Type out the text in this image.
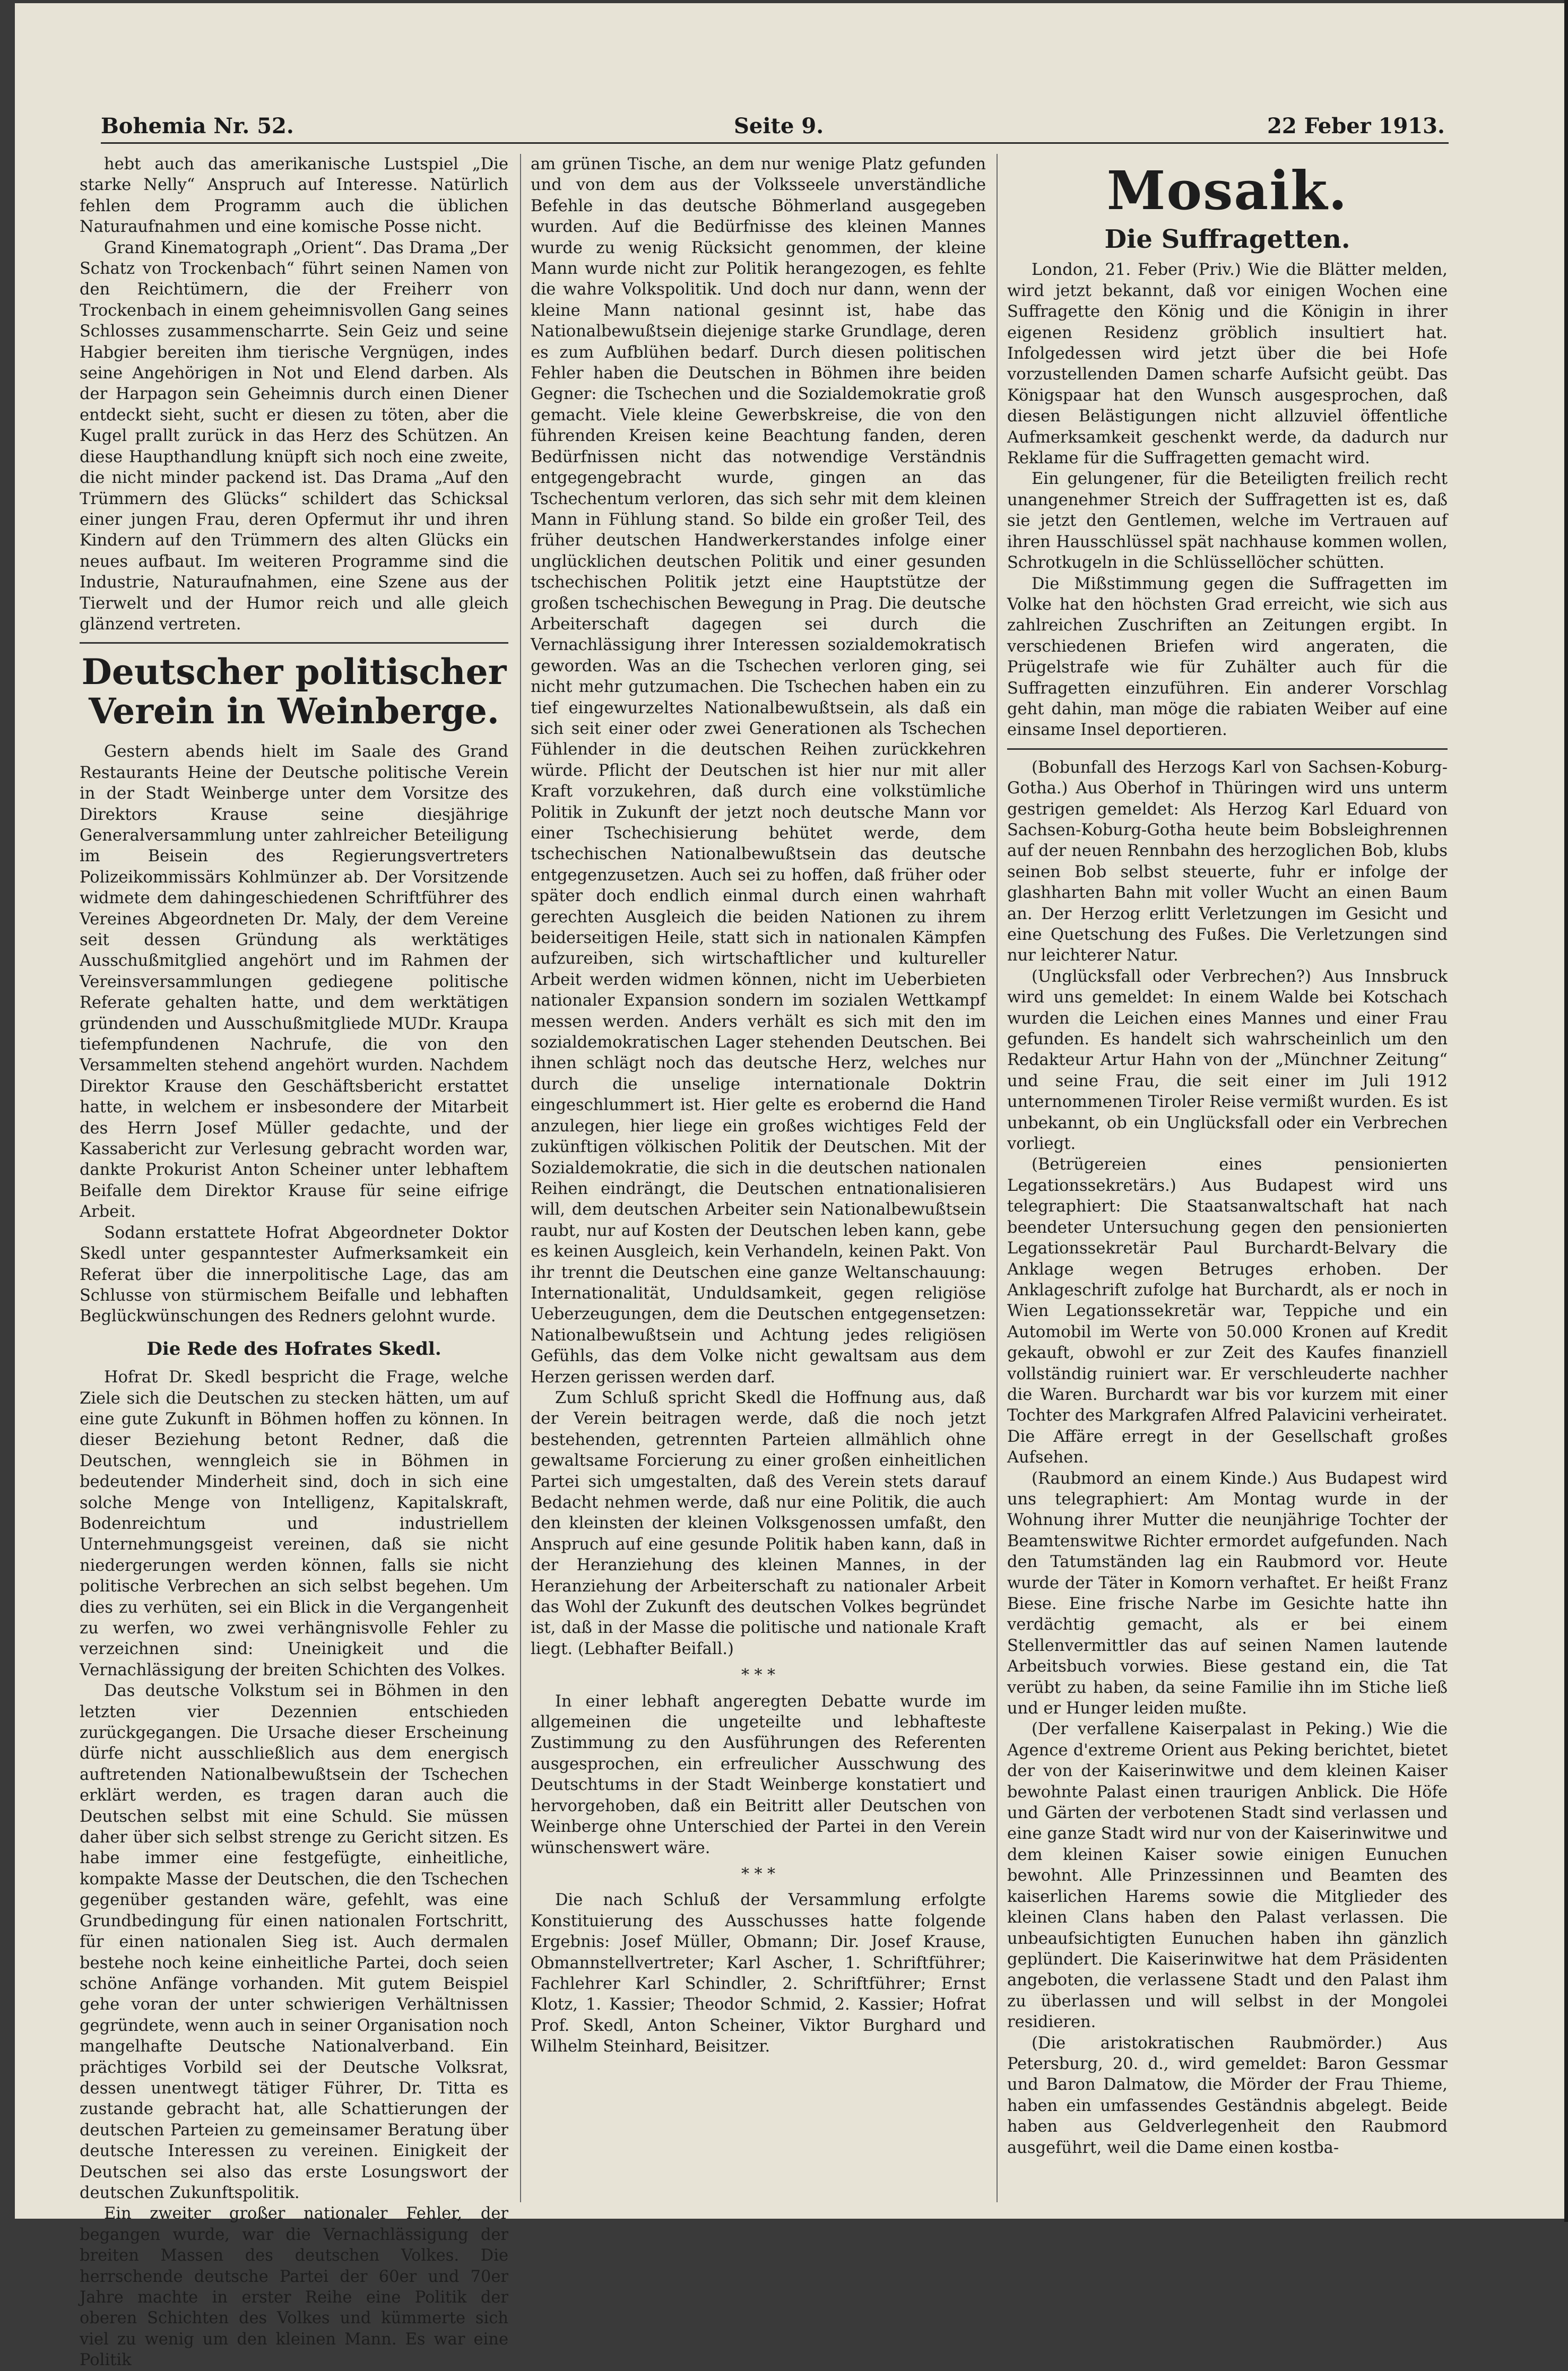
Bohemia Nr. 52.	Seite 9.	22 Feber 1913.

hebt auch das amerikanische Lustspiel „Die starke Nelly“ Anspruch auf Interesse. Natürlich fehlen dem Programm auch die üblichen Naturaufnahmen und eine komische Posse nicht.

Grand Kinematograph „Orient“. Das Drama „Der Schatz von Trockenbach“ führt seinen Namen von den Reichtümern, die der Freiherr von Trockenbach in einem geheimnisvollen Gang seines Schlosses zusammenscharrte. Sein Geiz und seine Habgier bereiten ihm tierische Vergnügen, indes seine Angehörigen in Not und Elend darben. Als der Harpagon sein Geheimnis durch einen Diener entdeckt sieht, sucht er diesen zu töten, aber die Kugel prallt zurück in das Herz des Schützen. An diese Haupthandlung knüpft sich noch eine zweite, die nicht minder packend ist. Das Drama „Auf den Trümmern des Glücks“ schildert das Schicksal einer jungen Frau, deren Opfermut ihr und ihren Kindern auf den Trümmern des alten Glücks ein neues aufbaut. Im weiteren Programme sind die Industrie, Naturaufnahmen, eine Szene aus der Tierwelt und der Humor reich und alle gleich glänzend vertreten.

Deutscher politischer Verein in Weinberge.

Gestern abends hielt im Saale des Grand Restaurants Heine der Deutsche politische Verein in der Stadt Weinberge unter dem Vorsitze des Direktors Krause seine diesjährige Generalversammlung unter zahlreicher Beteiligung im Beisein des Regierungsvertreters Polizeikommissärs Kohlmünzer ab. Der Vorsitzende widmete dem dahingeschiedenen Schriftführer des Vereines Abgeordneten Dr. Maly, der dem Vereine seit dessen Gründung als werktätiges Ausschußmitglied angehört und im Rahmen der Vereinsversammlungen gediegene politische Referate gehalten hatte, und dem werktätigen gründenden und Ausschußmitgliede MUDr. Kraupa tiefempfundenen Nachrufe, die von den Versammelten stehend angehört wurden. Nachdem Direktor Krause den Geschäftsbericht erstattet hatte, in welchem er insbesondere der Mitarbeit des Herrn Josef Müller gedachte, und der Kassabericht zur Verlesung gebracht worden war, dankte Prokurist Anton Scheiner unter lebhaftem Beifalle dem Direktor Krause für seine eifrige Arbeit.

Sodann erstattete Hofrat Abgeordneter Doktor Skedl unter gespanntester Aufmerksamkeit ein Referat über die innerpolitische Lage, das am Schlusse von stürmischem Beifalle und lebhaften Beglückwünschungen des Redners gelohnt wurde.

Die Rede des Hofrates Skedl.

Hofrat Dr. Skedl bespricht die Frage, welche Ziele sich die Deutschen zu stecken hätten, um auf eine gute Zukunft in Böhmen hoffen zu können. In dieser Beziehung betont Redner, daß die Deutschen, wenngleich sie in Böhmen in bedeutender Minderheit sind, doch in sich eine solche Menge von Intelligenz, Kapitalskraft, Bodenreichtum und industriellem Unternehmungsgeist vereinen, daß sie nicht niedergerungen werden können, falls sie nicht politische Verbrechen an sich selbst begehen. Um dies zu verhüten, sei ein Blick in die Vergangenheit zu werfen, wo zwei verhängnisvolle Fehler zu verzeichnen sind: Uneinigkeit und die Vernachlässigung der breiten Schichten des Volkes.

Das deutsche Volkstum sei in Böhmen in den letzten vier Dezennien entschieden zurückgegangen. Die Ursache dieser Erscheinung dürfe nicht ausschließlich aus dem energisch auftretenden Nationalbewußtsein der Tschechen erklärt werden, es tragen daran auch die Deutschen selbst mit eine Schuld. Sie müssen daher über sich selbst strenge zu Gericht sitzen. Es habe immer eine festgefügte, einheitliche, kompakte Masse der Deutschen, die den Tschechen gegenüber gestanden wäre, gefehlt, was eine Grundbedingung für einen nationalen Fortschritt, für einen nationalen Sieg ist. Auch dermalen bestehe noch keine einheitliche Partei, doch seien schöne Anfänge vorhanden. Mit gutem Beispiel gehe voran der unter schwierigen Verhältnissen gegründete, wenn auch in seiner Organisation noch mangelhafte Deutsche Nationalverband. Ein prächtiges Vorbild sei der Deutsche Volksrat, dessen unentwegt tätiger Führer, Dr. Titta es zustande gebracht hat, alle Schattierungen der deutschen Parteien zu gemeinsamer Beratung über deutsche Interessen zu vereinen. Einigkeit der Deutschen sei also das erste Losungswort der deutschen Zukunftspolitik.

Ein zweiter großer nationaler Fehler, der begangen wurde, war die Vernachlässigung der breiten Massen des deutschen Volkes. Die herrschende deutsche Partei der 60er und 70er Jahre machte in erster Reihe eine Politik der oberen Schichten des Volkes und kümmerte sich viel zu wenig um den kleinen Mann. Es war eine Politik

am grünen Tische, an dem nur wenige Platz gefunden und von dem aus der Volksseele unverständliche Befehle in das deutsche Böhmerland ausgegeben wurden. Auf die Bedürfnisse des kleinen Mannes wurde zu wenig Rücksicht genommen, der kleine Mann wurde nicht zur Politik herangezogen, es fehlte die wahre Volkspolitik. Und doch nur dann, wenn der kleine Mann national gesinnt ist, habe das Nationalbewußtsein diejenige starke Grundlage, deren es zum Aufblühen bedarf. Durch diesen politischen Fehler haben die Deutschen in Böhmen ihre beiden Gegner: die Tschechen und die Sozialdemokratie groß gemacht. Viele kleine Gewerbskreise, die von den führenden Kreisen keine Beachtung fanden, deren Bedürfnissen nicht das notwendige Verständnis entgegengebracht wurde, gingen an das Tschechentum verloren, das sich sehr mit dem kleinen Mann in Fühlung stand. So bilde ein großer Teil, des früher deutschen Handwerkerstandes infolge einer unglücklichen deutschen Politik und einer gesunden tschechischen Politik jetzt eine Hauptstütze der großen tschechischen Bewegung in Prag. Die deutsche Arbeiterschaft dagegen sei durch die Vernachlässigung ihrer Interessen sozialdemokratisch geworden. Was an die Tschechen verloren ging, sei nicht mehr gutzumachen. Die Tschechen haben ein zu tief eingewurzeltes Nationalbewußtsein, als daß ein sich seit einer oder zwei Generationen als Tschechen Fühlender in die deutschen Reihen zurückkehren würde. Pflicht der Deutschen ist hier nur mit aller Kraft vorzukehren, daß durch eine volkstümliche Politik in Zukunft der jetzt noch deutsche Mann vor einer Tschechisierung behütet werde, dem tschechischen Nationalbewußtsein das deutsche entgegenzusetzen. Auch sei zu hoffen, daß früher oder später doch endlich einmal durch einen wahrhaft gerechten Ausgleich die beiden Nationen zu ihrem beiderseitigen Heile, statt sich in nationalen Kämpfen aufzureiben, sich wirtschaftlicher und kultureller Arbeit werden widmen können, nicht im Ueberbieten nationaler Expansion sondern im sozialen Wettkampf messen werden. Anders verhält es sich mit den im sozialdemokratischen Lager stehenden Deutschen. Bei ihnen schlägt noch das deutsche Herz, welches nur durch die unselige internationale Doktrin eingeschlummert ist. Hier gelte es erobernd die Hand anzulegen, hier liege ein großes wichtiges Feld der zukünftigen völkischen Politik der Deutschen. Mit der Sozialdemokratie, die sich in die deutschen nationalen Reihen eindrängt, die Deutschen entnationalisieren will, dem deutschen Arbeiter sein Nationalbewußtsein raubt, nur auf Kosten der Deutschen leben kann, gebe es keinen Ausgleich, kein Verhandeln, keinen Pakt. Von ihr trennt die Deutschen eine ganze Weltanschauung: Internationalität, Unduldsamkeit, gegen religiöse Ueberzeugungen, dem die Deutschen entgegensetzen: Nationalbewußtsein und Achtung jedes religiösen Gefühls, das dem Volke nicht gewaltsam aus dem Herzen gerissen werden darf.

Zum Schluß spricht Skedl die Hoffnung aus, daß der Verein beitragen werde, daß die noch jetzt bestehenden, getrennten Parteien allmählich ohne gewaltsame Forcierung zu einer großen einheitlichen Partei sich umgestalten, daß des Verein stets darauf Bedacht nehmen werde, daß nur eine Politik, die auch den kleinsten der kleinen Volksgenossen umfaßt, den Anspruch auf eine gesunde Politik haben kann, daß in der Heranziehung des kleinen Mannes, in der Heranziehung der Arbeiterschaft zu nationaler Arbeit das Wohl der Zukunft des deutschen Volkes begründet ist, daß in der Masse die politische und nationale Kraft liegt. (Lebhafter Beifall.)

* * *

In einer lebhaft angeregten Debatte wurde im allgemeinen die ungeteilte und lebhafteste Zustimmung zu den Ausführungen des Referenten ausgesprochen, ein erfreulicher Ausschwung des Deutschtums in der Stadt Weinberge konstatiert und hervorgehoben, daß ein Beitritt aller Deutschen von Weinberge ohne Unterschied der Partei in den Verein wünschenswert wäre.

* * *

Die nach Schluß der Versammlung erfolgte Konstituierung des Ausschusses hatte folgende Ergebnis: Josef Müller, Obmann; Dir. Josef Krause, Obmannstellvertreter; Karl Ascher, 1. Schriftführer; Fachlehrer Karl Schindler, 2. Schriftführer; Ernst Klotz, 1. Kassier; Theodor Schmid, 2. Kassier; Hofrat Prof. Skedl, Anton Scheiner, Viktor Burghard und Wilhelm Steinhard, Beisitzer.

Mosaik.
Die Suffragetten.

London, 21. Feber (Priv.) Wie die Blätter melden, wird jetzt bekannt, daß vor einigen Wochen eine Suffragette den König und die Königin in ihrer eigenen Residenz gröblich insultiert hat. Infolgedessen wird jetzt über die bei Hofe vorzustellenden Damen scharfe Aufsicht geübt. Das Königspaar hat den Wunsch ausgesprochen, daß diesen Belästigungen nicht allzuviel öffentliche Aufmerksamkeit geschenkt werde, da dadurch nur Reklame für die Suffragetten gemacht wird.

Ein gelungener, für die Beteiligten freilich recht unangenehmer Streich der Suffragetten ist es, daß sie jetzt den Gentlemen, welche im Vertrauen auf ihren Hausschlüssel spät nachhause kommen wollen, Schrotkugeln in die Schlüssellöcher schütten.

Die Mißstimmung gegen die Suffragetten im Volke hat den höchsten Grad erreicht, wie sich aus zahlreichen Zuschriften an Zeitungen ergibt. In verschiedenen Briefen wird angeraten, die Prügelstrafe wie für Zuhälter auch für die Suffragetten einzuführen. Ein anderer Vorschlag geht dahin, man möge die rabiaten Weiber auf eine einsame Insel deportieren.

(Bobunfall des Herzogs Karl von Sachsen-Koburg-Gotha.) Aus Oberhof in Thüringen wird uns unterm gestrigen gemeldet: Als Herzog Karl Eduard von Sachsen-Koburg-Gotha heute beim Bobsleighrennen auf der neuen Rennbahn des herzoglichen Bob, klubs seinen Bob selbst steuerte, fuhr er infolge der glashharten Bahn mit voller Wucht an einen Baum an. Der Herzog erlitt Verletzungen im Gesicht und eine Quetschung des Fußes. Die Verletzungen sind nur leichterer Natur.

(Unglücksfall oder Verbrechen?) Aus Innsbruck wird uns gemeldet: In einem Walde bei Kotschach wurden die Leichen eines Mannes und einer Frau gefunden. Es handelt sich wahrscheinlich um den Redakteur Artur Hahn von der „Münchner Zeitung“ und seine Frau, die seit einer im Juli 1912 unternommenen Tiroler Reise vermißt wurden. Es ist unbekannt, ob ein Unglücksfall oder ein Verbrechen vorliegt.

(Betrügereien eines pensionierten Legationssekretärs.) Aus Budapest wird uns telegraphiert: Die Staatsanwaltschaft hat nach beendeter Untersuchung gegen den pensionierten Legationssekretär Paul Burchardt-Belvary die Anklage wegen Betruges erhoben. Der Anklageschrift zufolge hat Burchardt, als er noch in Wien Legationssekretär war, Teppiche und ein Automobil im Werte von 50.000 Kronen auf Kredit gekauft, obwohl er zur Zeit des Kaufes finanziell vollständig ruiniert war. Er verschleuderte nachher die Waren. Burchardt war bis vor kurzem mit einer Tochter des Markgrafen Alfred Palavicini verheiratet. Die Affäre erregt in der Gesellschaft großes Aufsehen.

(Raubmord an einem Kinde.) Aus Budapest wird uns telegraphiert: Am Montag wurde in der Wohnung ihrer Mutter die neunjährige Tochter der Beamtenswitwe Richter ermordet aufgefunden. Nach den Tatumständen lag ein Raubmord vor. Heute wurde der Täter in Komorn verhaftet. Er heißt Franz Biese. Eine frische Narbe im Gesichte hatte ihn verdächtig gemacht, als er bei einem Stellenvermittler das auf seinen Namen lautende Arbeitsbuch vorwies. Biese gestand ein, die Tat verübt zu haben, da seine Familie ihn im Stiche ließ und er Hunger leiden mußte.

(Der verfallene Kaiserpalast in Peking.) Wie die Agence d'extreme Orient aus Peking berichtet, bietet der von der Kaiserinwitwe und dem kleinen Kaiser bewohnte Palast einen traurigen Anblick. Die Höfe und Gärten der verbotenen Stadt sind verlassen und eine ganze Stadt wird nur von der Kaiserinwitwe und dem kleinen Kaiser sowie einigen Eunuchen bewohnt. Alle Prinzessinnen und Beamten des kaiserlichen Harems sowie die Mitglieder des kleinen Clans haben den Palast verlassen. Die unbeaufsichtigten Eunuchen haben ihn gänzlich geplündert. Die Kaiserinwitwe hat dem Präsidenten angeboten, die verlassene Stadt und den Palast ihm zu überlassen und will selbst in der Mongolei residieren.

(Die aristokratischen Raubmörder.) Aus Petersburg, 20. d., wird gemeldet: Baron Gessmar und Baron Dalmatow, die Mörder der Frau Thieme, haben ein umfassendes Geständnis abgelegt. Beide haben aus Geldverlegenheit den Raubmord ausgeführt, weil die Dame einen kostba-
